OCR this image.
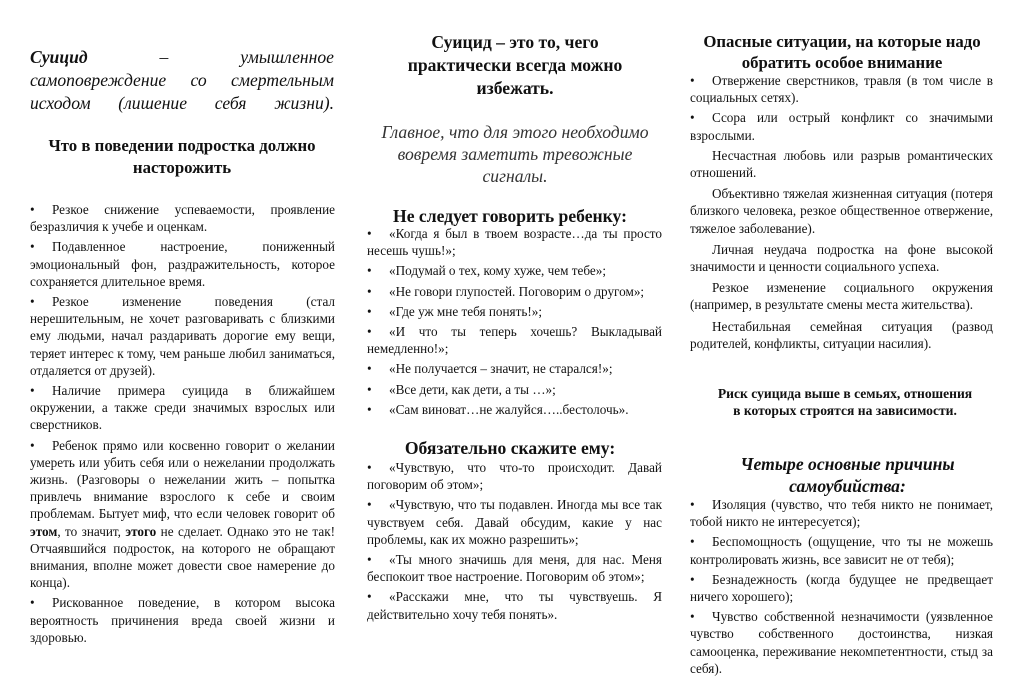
Суицид	–	умышленное самоповреждение со смертельным исходом (лишение себя жизни).
Что в поведении подростка должно насторожить
• Резкое снижение успеваемости, проявление безразличия к учебе и оценкам.
• Подавленное настроение, пониженный эмоциональный фон, раздражительность, которое сохраняется длительное время.
• Резкое изменение поведения (стал нерешительным, не хочет разговаривать с близкими ему людьми, начал раздаривать дорогие ему вещи, теряет интерес к тому, чем раньше любил заниматься, отдаляется от друзей).
• Наличие примера суицида в ближайшем окружении, а также среди значимых взрослых или сверстников.
• Ребенок прямо или косвенно говорит о желании умереть или убить себя или о нежелании продолжать жизнь. (Разговоры о нежелании жить – попытка привлечь внимание взрослого к себе и своим проблемам. Бытует миф, что если человек говорит об этом, то значит, этого не сделает. Однако это не так! Отчаявшийся подросток, на которого не обращают внимания, вполне может довести свое намерение до конца).
• Рискованное поведение, в котором высока вероятность причинения вреда своей жизни и здоровью.
Суицид – это то, чего практически всегда можно избежать.
Главное, что для этого необходимо вовремя заметить тревожные сигналы.
Не следует говорить ребенку:
• «Когда я был в твоем возрасте…да ты просто несешь чушь!»;
• «Подумай о тех, кому хуже, чем тебе»;
• «Не говори глупостей. Поговорим о другом»;
• «Где уж мне тебя понять!»;
• «И что ты теперь хочешь? Выкладывай немедленно!»;
• «Не получается – значит, не старался!»;
• «Все дети, как дети, а ты …»;
• «Сам виноват…не жалуйся…..бестолочь».
Обязательно скажите ему:
• «Чувствую, что что-то происходит. Давай поговорим об этом»;
• «Чувствую, что ты подавлен. Иногда мы все так чувствуем себя. Давай обсудим, какие у нас проблемы, как их можно разрешить»;
• «Ты много значишь для меня, для нас. Меня беспокоит твое настроение. Поговорим об этом»;
• «Расскажи мне, что ты чувствуешь. Я действительно хочу тебя понять».
Опасные ситуации, на которые надо обратить особое внимание
• Отвержение сверстников, травля (в том числе в социальных сетях).
• Ссора или острый конфликт со значимыми взрослыми.
Несчастная любовь или разрыв романтических отношений.
Объективно тяжелая жизненная ситуация (потеря близкого человека, резкое общественное отвержение, тяжелое заболевание).
Личная неудача подростка на фоне высокой значимости и ценности социального успеха.
Резкое изменение социального окружения (например, в результате смены места жительства).
Нестабильная семейная ситуация (развод родителей, конфликты, ситуации насилия).
Риск суицида выше в семьях, отношения в которых строятся на зависимости.
Четыре основные причины самоубийства:
• Изоляция (чувство, что тебя никто не понимает, тобой никто не интересуется);
• Беспомощность (ощущение, что ты не можешь контролировать жизнь, все зависит не от тебя);
• Безнадежность (когда будущее не предвещает ничего хорошего);
• Чувство собственной незначимости (уязвленное чувство собственного достоинства, низкая самооценка, переживание некомпетентности, стыд за себя).
